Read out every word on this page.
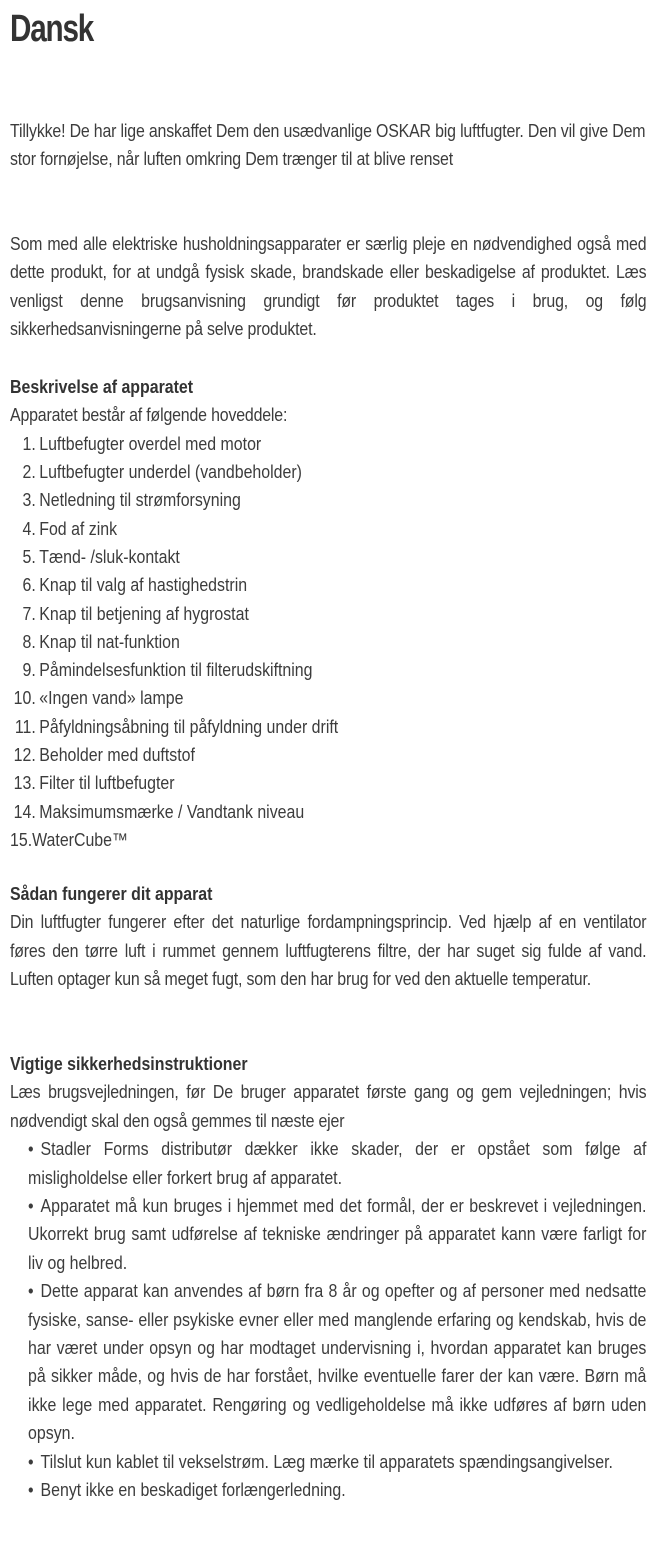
Dansk

Tillykke! De har lige anskaffet Dem den usædvanlige OSKAR big luftfugter. Den vil give Dem stor fornøjelse, når luften omkring Dem trænger til at blive renset

Som med alle elektriske husholdningsapparater er særlig pleje en nødvendighed også med dette produkt, for at undgå fysisk skade, brandskade eller beskadigelse af produktet. Læs venligst denne brugsanvisning grundigt før produktet tages i brug, og følg sikkerhedsanvisningerne på selve produktet.

Beskrivelse af apparatet

Apparatet består af følgende hoveddele:

1. Luftbefugter overdel med motor
2. Luftbefugter underdel (vandbeholder)
3. Netledning til strømforsyning
4. Fod af zink
5. Tænd- /sluk-kontakt
6. Knap til valg af hastighedstrin
7. Knap til betjening af hygrostat
8. Knap til nat-funktion
9. Påmindelsesfunktion til filterudskiftning
10. «Ingen vand» lampe
11. Påfyldningsåbning til påfyldning under drift
12. Beholder med duftstof
13. Filter til luftbefugter
14. Maksimumsmærke / Vandtank niveau
15.WaterCube™

Sådan fungerer dit apparat

Din luftfugter fungerer efter det naturlige fordampningsprincip. Ved hjælp af en ventilator føres den tørre luft i rummet gennem luftfugterens filtre, der har suget sig fulde af vand. Luften optager kun så meget fugt, som den har brug for ved den aktuelle temperatur.

Vigtige sikkerhedsinstruktioner

Læs brugsvejledningen, før De bruger apparatet første gang og gem vejledningen; hvis nødvendigt skal den også gemmes til næste ejer

• Stadler Forms distributør dækker ikke skader, der er opstået som følge af misligholdelse eller forkert brug af apparatet.
• Apparatet må kun bruges i hjemmet med det formål, der er beskrevet i vejledningen. Ukorrekt brug samt udførelse af tekniske ændringer på apparatet kann være farligt for liv og helbred.
• Dette apparat kan anvendes af børn fra 8 år og opefter og af personer med nedsatte fysiske, sanse- eller psykiske evner eller med manglende erfaring og kendskab, hvis de har været under opsyn og har modtaget undervisning i, hvordan apparatet kan bruges på sikker måde, og hvis de har forstået, hvilke eventuelle farer der kan være. Børn må ikke lege med apparatet. Rengøring og vedligeholdelse må ikke udføres af børn uden opsyn.
• Tilslut kun kablet til vekselstrøm. Læg mærke til apparatets spændingsangivelser.
• Benyt ikke en beskadiget forlængerledning.
